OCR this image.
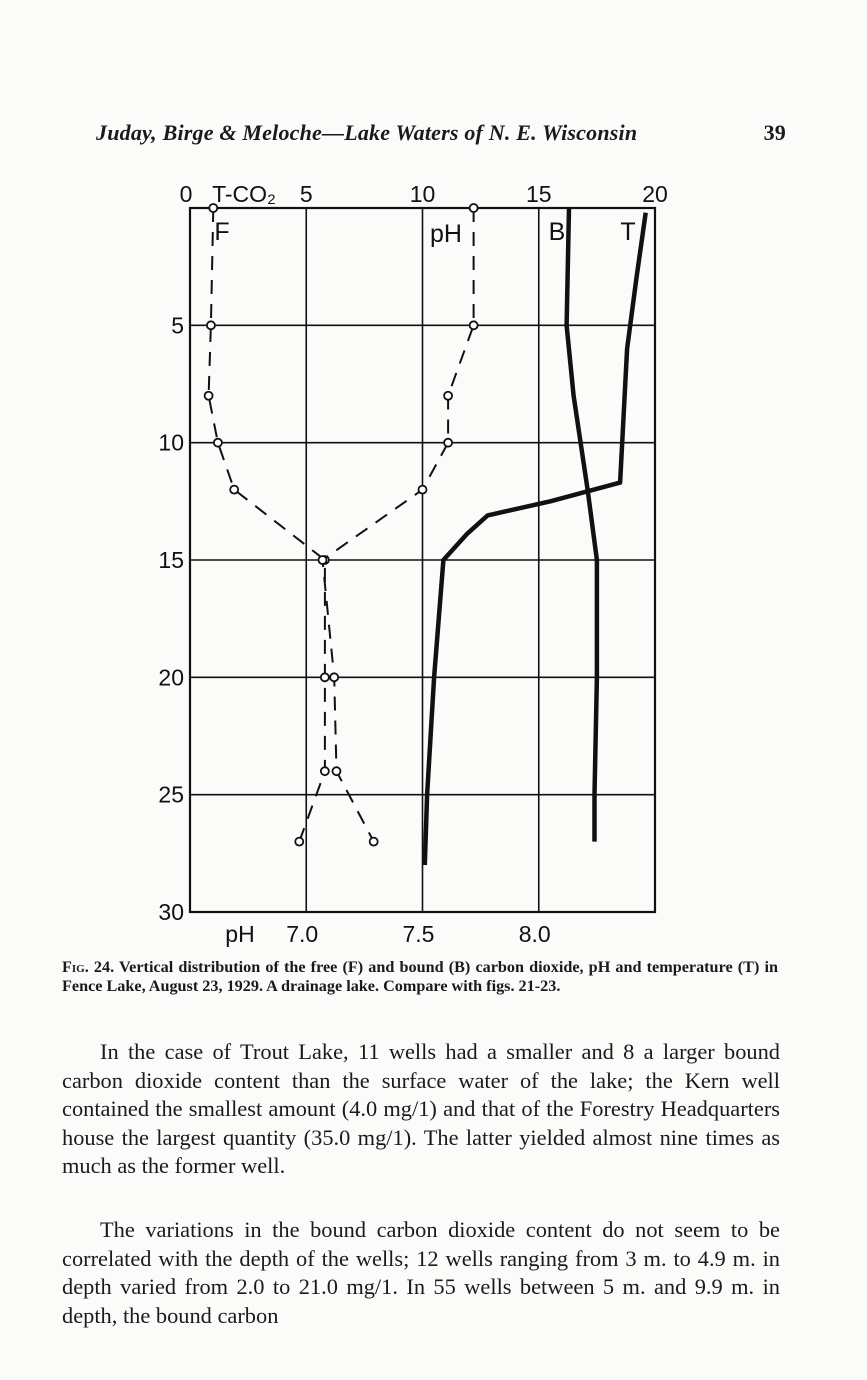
Juday, Birge & Meloche—Lake Waters of N. E. Wisconsin	39
0	5	10	15	20
T-CO₂
5
10
15
20
25
30
pH 7.0	7.5	8.0
F	pH	B T
Fig. 24. Vertical distribution of the free (F) and bound (B) carbon dioxide, pH and temperature (T) in Fence Lake, August 23, 1929. A drainage lake. Compare with figs. 21-23.
In the case of Trout Lake, 11 wells had a smaller and 8 a larger bound carbon dioxide content than the surface water of the lake; the Kern well contained the smallest amount (4.0 mg/1) and that of the Forestry Headquarters house the largest quantity (35.0 mg/1). The latter yielded almost nine times as much as the former well.
The variations in the bound carbon dioxide content do not seem to be correlated with the depth of the wells; 12 wells ranging from 3 m. to 4.9 m. in depth varied from 2.0 to 21.0 mg/1. In 55 wells between 5 m. and 9.9 m. in depth, the bound carbon
